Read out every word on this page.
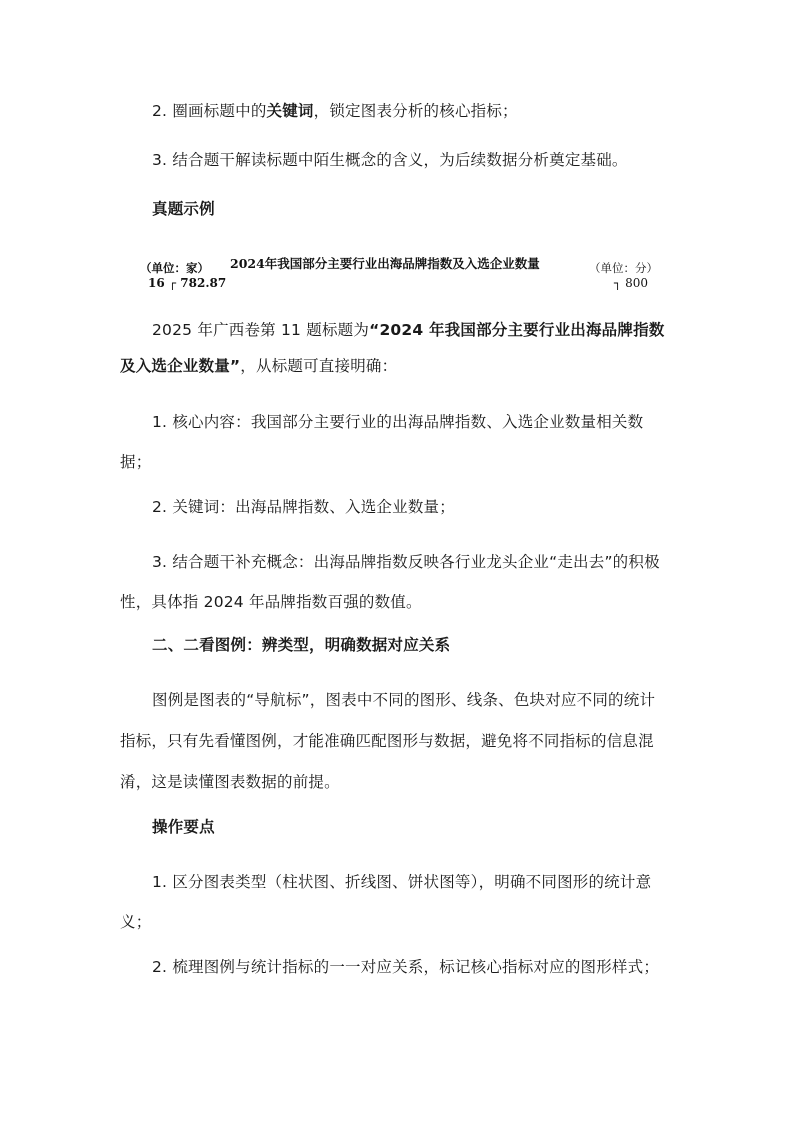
2. 圈画标题中的关键词，锁定图表分析的核心指标；

3. 结合题干解读标题中陌生概念的含义，为后续数据分析奠定基础。

真题示例

（单位：家） 2024年我国部分主要行业出海品牌指数及入选企业数量	（单位：分）
16 ┌ 782.87	┐ 800

2025 年广西卷第 11 题标题为“2024 年我国部分主要行业出海品牌指数及入选企业数量”，从标题可直接明确：

1. 核心内容：我国部分主要行业的出海品牌指数、入选企业数量相关数据；

2. 关键词：出海品牌指数、入选企业数量；

3. 结合题干补充概念：出海品牌指数反映各行业龙头企业“走出去”的积极性，具体指 2024 年品牌指数百强的数值。

二、二看图例：辨类型，明确数据对应关系

图例是图表的“导航标”，图表中不同的图形、线条、色块对应不同的统计指标，只有先看懂图例，才能准确匹配图形与数据，避免将不同指标的信息混淆，这是读懂图表数据的前提。

操作要点

1. 区分图表类型（柱状图、折线图、饼状图等），明确不同图形的统计意义；

2. 梳理图例与统计指标的一一对应关系，标记核心指标对应的图形样式；
